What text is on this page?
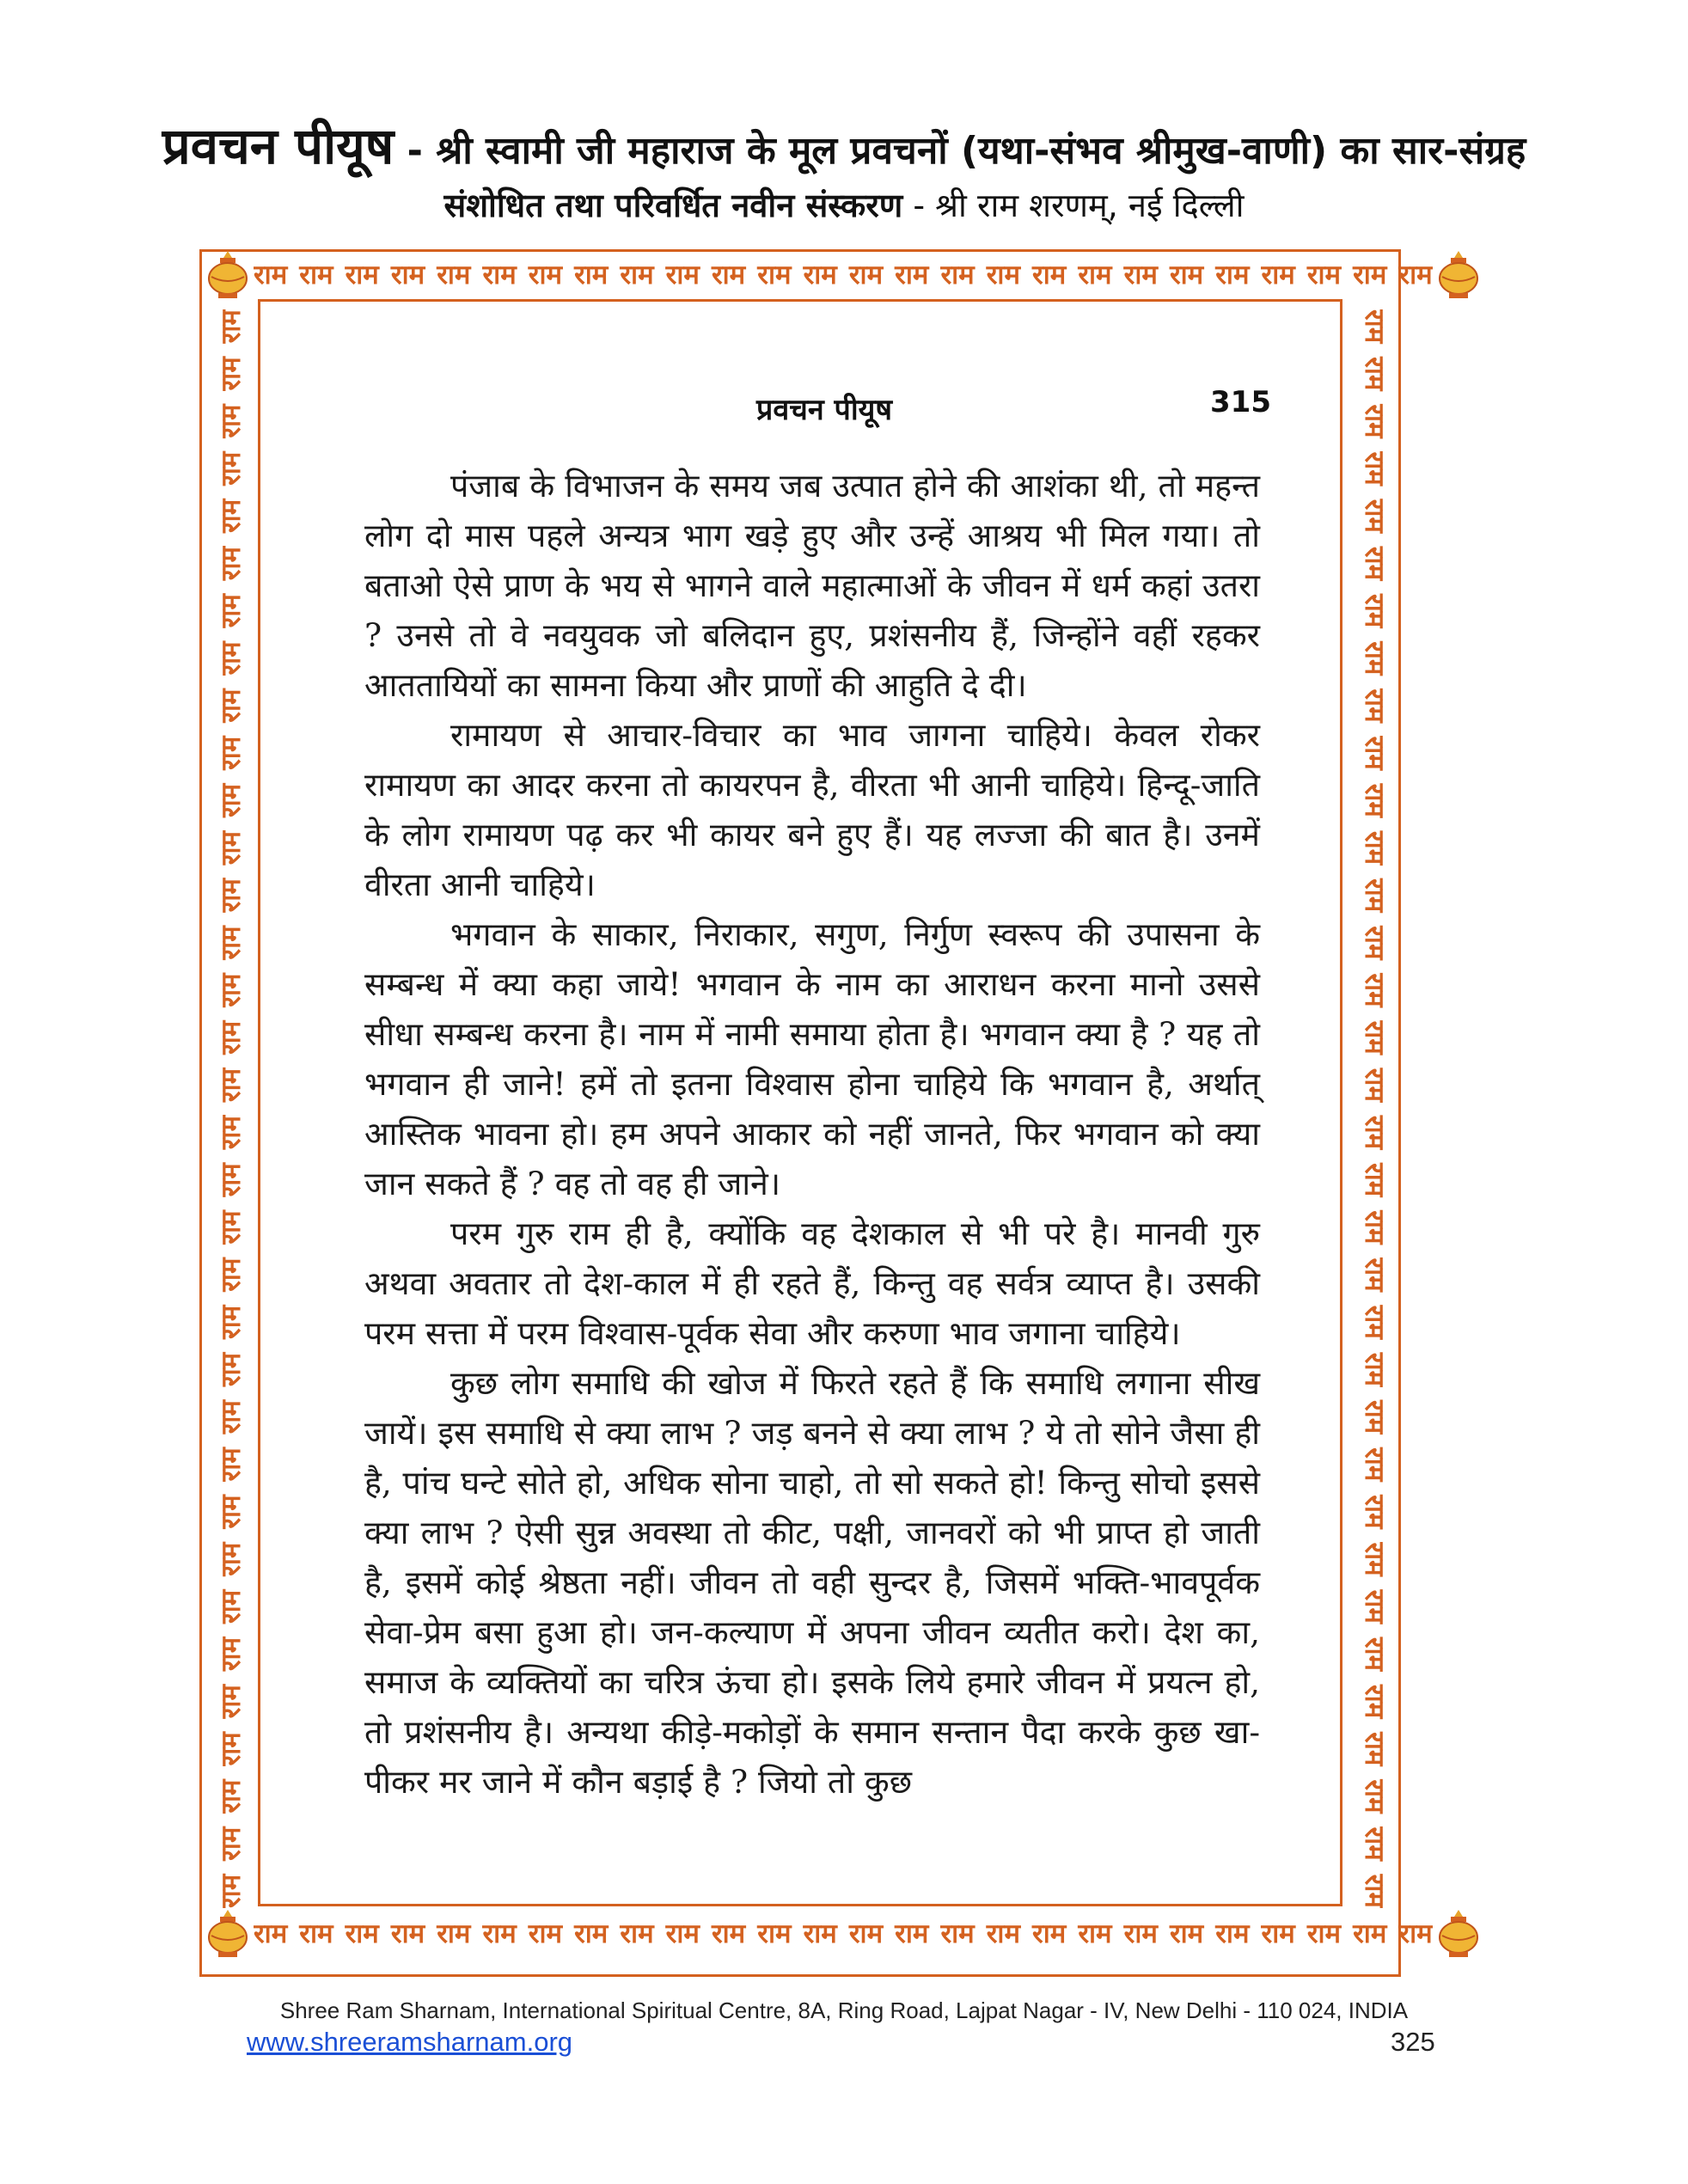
प्रवचन पीयूष - श्री स्वामी जी महाराज के मूल प्रवचनों (यथा-संभव श्रीमुख-वाणी) का सार-संग्रह
संशोधित तथा परिवर्धित नवीन संस्करण - श्री राम शरणम्, नई दिल्ली
राम राम राम राम राम राम राम राम राम राम राम राम राम राम राम राम राम राम राम राम राम राम राम राम राम राम
राम राम राम राम राम राम राम राम राम राम राम राम राम राम राम राम राम राम राम राम राम राम राम राम राम राम
राम
राम
राम
राम
राम
राम
राम
राम
राम
राम
राम
राम
राम
राम
राम
राम
राम
राम
राम
राम
राम
राम
राम
राम
राम
राम
राम
राम
राम
राम
राम
राम
राम
राम	राम
राम
राम
राम
राम
राम
राम
राम
राम
राम
राम
राम
राम
राम
राम
राम
राम
राम
राम
राम
राम
राम
राम
राम
राम
राम
राम
राम
राम
राम
राम
राम
राम
राम
प्रवचन पीयूष	315

पंजाब के विभाजन के समय जब उत्पात होने की आशंका थी, तो महन्त लोग दो मास पहले अन्यत्र भाग खड़े हुए और उन्हें आश्रय भी मिल गया। तो बताओ ऐसे प्राण के भय से भागने वाले महात्माओं के जीवन में धर्म कहां उतरा ? उनसे तो वे नवयुवक जो बलिदान हुए, प्रशंसनीय हैं, जिन्होंने वहीं रहकर आततायियों का सामना किया और प्राणों की आहुति दे दी।

रामायण से आचार-विचार का भाव जागना चाहिये। केवल रोकर रामायण का आदर करना तो कायरपन है, वीरता भी आनी चाहिये। हिन्दू-जाति के लोग रामायण पढ़ कर भी कायर बने हुए हैं। यह लज्जा की बात है। उनमें वीरता आनी चाहिये।

भगवान के साकार, निराकार, सगुण, निर्गुण स्वरूप की उपासना के सम्बन्ध में क्या कहा जाये! भगवान के नाम का आराधन करना मानो उससे सीधा सम्बन्ध करना है। नाम में नामी समाया होता है। भगवान क्या है ? यह तो भगवान ही जाने! हमें तो इतना विश्वास होना चाहिये कि भगवान है, अर्थात् आस्तिक भावना हो। हम अपने आकार को नहीं जानते, फिर भगवान को क्या जान सकते हैं ? वह तो वह ही जाने।

परम गुरु राम ही है, क्योंकि वह देशकाल से भी परे है। मानवी गुरु अथवा अवतार तो देश-काल में ही रहते हैं, किन्तु वह सर्वत्र व्याप्त है। उसकी परम सत्ता में परम विश्वास-पूर्वक सेवा और करुणा भाव जगाना चाहिये।

कुछ लोग समाधि की खोज में फिरते रहते हैं कि समाधि लगाना सीख जायें। इस समाधि से क्या लाभ ? जड़ बनने से क्या लाभ ? ये तो सोने जैसा ही है, पांच घन्टे सोते हो, अधिक सोना चाहो, तो सो सकते हो! किन्तु सोचो इससे क्या लाभ ? ऐसी सुन्न अवस्था तो कीट, पक्षी, जानवरों को भी प्राप्त हो जाती है, इसमें कोई श्रेष्ठता नहीं। जीवन तो वही सुन्दर है, जिसमें भक्ति-भावपूर्वक सेवा-प्रेम बसा हुआ हो। जन-कल्याण में अपना जीवन व्यतीत करो। देश का, समाज के व्यक्तियों का चरित्र ऊंचा हो। इसके लिये हमारे जीवन में प्रयत्न हो, तो प्रशंसनीय है। अन्यथा कीड़े-मकोड़ों के समान सन्तान पैदा करके कुछ खा-पीकर मर जाने में कौन बड़ाई है ? जियो तो कुछ

Shree Ram Sharnam, International Spiritual Centre, 8A, Ring Road, Lajpat Nagar - IV, New Delhi - 110 024, INDIA
www.shreeramsharnam.org	325
